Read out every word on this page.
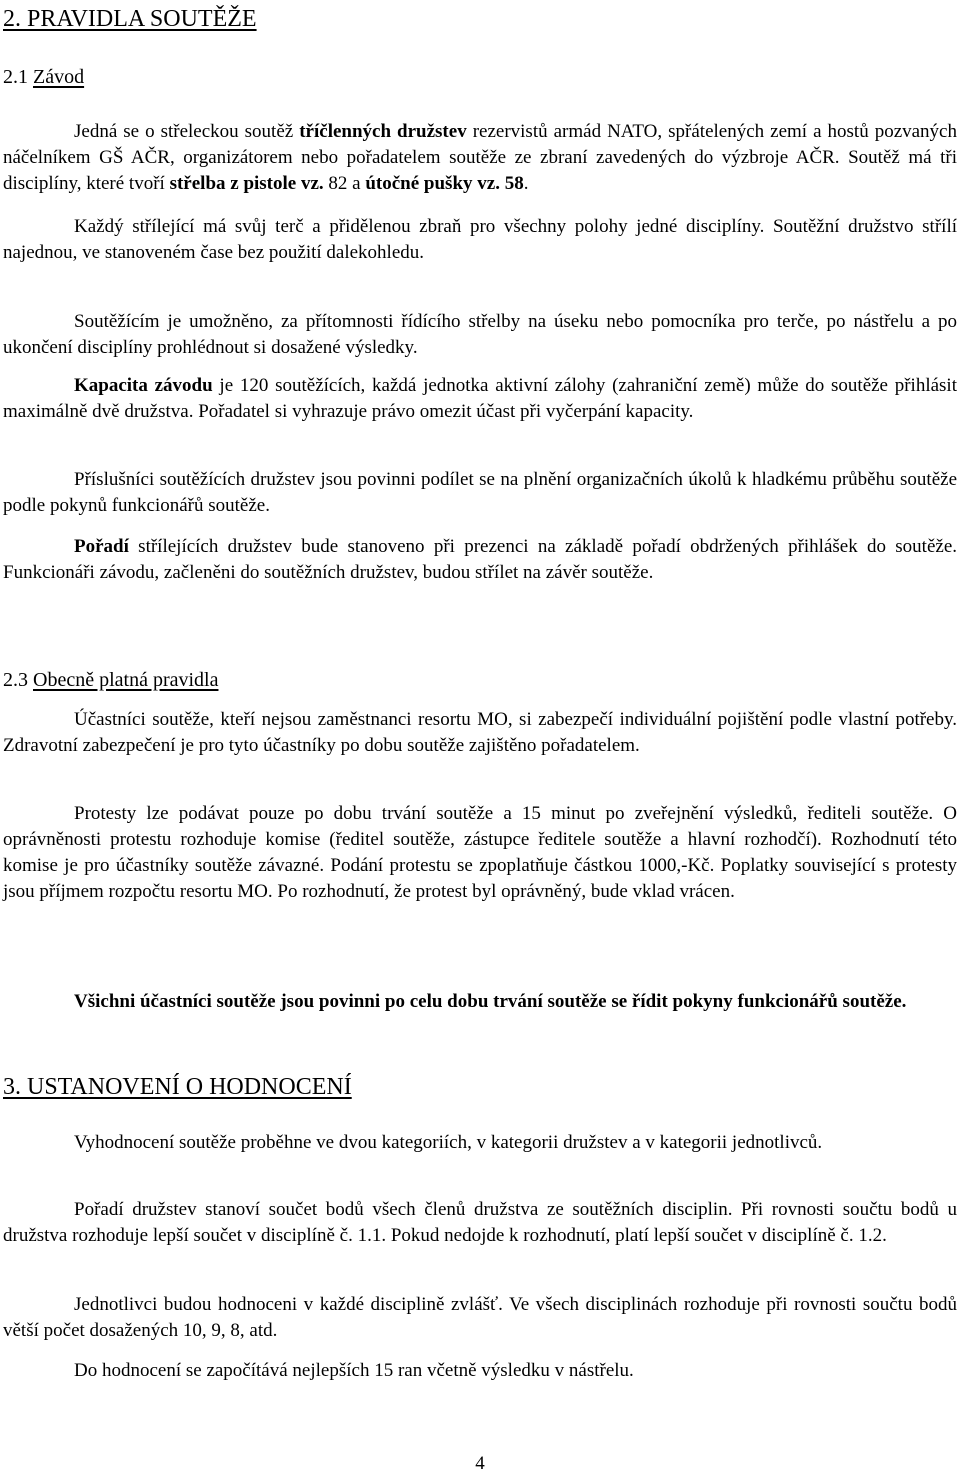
2. PRAVIDLA SOUTĚŽE
2.1 Závod

Jedná se o střeleckou soutěž tříčlenných družstev rezervistů armád NATO, spřátelených zemí a hostů pozvaných náčelníkem GŠ AČR, organizátorem nebo pořadatelem soutěže ze zbraní zavedených do výzbroje AČR. Soutěž má tři disciplíny, které tvoří střelba z pistole vz. 82 a útočné pušky vz. 58.

Každý střílející má svůj terč a přidělenou zbraň pro všechny polohy jedné disciplíny. Soutěžní družstvo střílí najednou, ve stanoveném čase bez použití dalekohledu.

Soutěžícím je umožněno, za přítomnosti řídícího střelby na úseku nebo pomocníka pro terče, po nástřelu a po ukončení disciplíny prohlédnout si dosažené výsledky.

Kapacita závodu je 120 soutěžících, každá jednotka aktivní zálohy (zahraniční země) může do soutěže přihlásit maximálně dvě družstva. Pořadatel si vyhrazuje právo omezit účast při vyčerpání kapacity.

Příslušníci soutěžících družstev jsou povinni podílet se na plnění organizačních úkolů k hladkému průběhu soutěže podle pokynů funkcionářů soutěže.

Pořadí střílejících družstev bude stanoveno při prezenci na základě pořadí obdržených přihlášek do soutěže. Funkcionáři závodu, začleněni do soutěžních družstev, budou střílet na závěr soutěže.

2.3 Obecně platná pravidla

Účastníci soutěže, kteří nejsou zaměstnanci resortu MO, si zabezpečí individuální pojištění podle vlastní potřeby. Zdravotní zabezpečení je pro tyto účastníky po dobu soutěže zajištěno pořadatelem.

Protesty lze podávat pouze po dobu trvání soutěže a 15 minut po zveřejnění výsledků, řediteli soutěže. O oprávněnosti protestu rozhoduje komise (ředitel soutěže, zástupce ředitele soutěže a hlavní rozhodčí). Rozhodnutí této komise je pro účastníky soutěže závazné. Podání protestu se zpoplatňuje částkou 1000,-Kč. Poplatky související s protesty jsou příjmem rozpočtu resortu MO. Po rozhodnutí, že protest byl oprávněný, bude vklad vrácen.

Všichni účastníci soutěže jsou povinni po celu dobu trvání soutěže se řídit pokyny funkcionářů soutěže.

3. USTANOVENÍ O HODNOCENÍ

Vyhodnocení soutěže proběhne ve dvou kategoriích, v kategorii družstev a v kategorii jednotlivců.

Pořadí družstev stanoví součet bodů všech členů družstva ze soutěžních disciplin. Při rovnosti součtu bodů u družstva rozhoduje lepší součet v disciplíně č. 1.1. Pokud nedojde k rozhodnutí, platí lepší součet v disciplíně č. 1.2.

Jednotlivci budou hodnoceni v každé disciplině zvlášť. Ve všech disciplinách rozhoduje při rovnosti součtu bodů větší počet dosažených 10, 9, 8, atd.

Do hodnocení se započítává nejlepších 15 ran včetně výsledku v nástřelu.

4
